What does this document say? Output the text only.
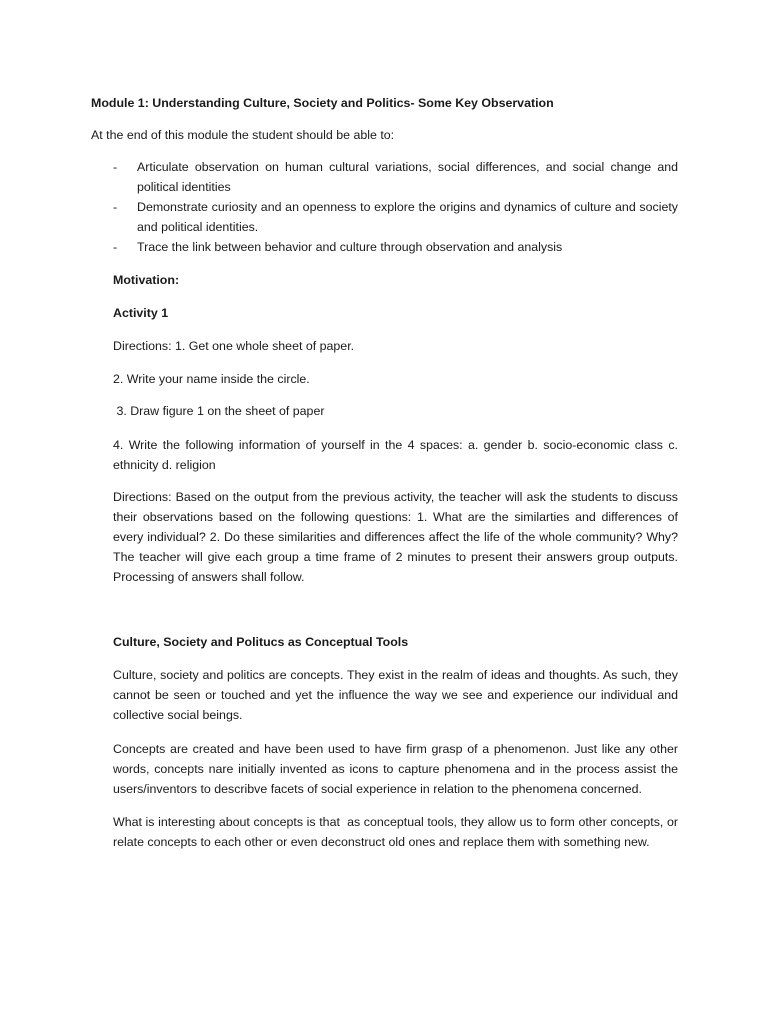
Module 1: Understanding Culture, Society and Politics- Some Key Observation

At the end of this module the student should be able to:

- Articulate observation on human cultural variations, social differences, and social change and political identities
- Demonstrate curiosity and an openness to explore the origins and dynamics of culture and society and political identities.
- Trace the link between behavior and culture through observation and analysis

Motivation:

Activity 1

Directions: 1. Get one whole sheet of paper.

2. Write your name inside the circle.

3. Draw figure 1 on the sheet of paper

4. Write the following information of yourself in the 4 spaces: a. gender b. socio-economic class c. ethnicity d. religion

Directions: Based on the output from the previous activity, the teacher will ask the students to discuss their observations based on the following questions: 1. What are the similarties and differences of every individual? 2. Do these similarities and differences affect the life of the whole community? Why? The teacher will give each group a time frame of 2 minutes to present their answers group outputs. Processing of answers shall follow.

Culture, Society and Politucs as Conceptual Tools

Culture, society and politics are concepts. They exist in the realm of ideas and thoughts. As such, they cannot be seen or touched and yet the influence the way we see and experience our individual and collective social beings.

Concepts are created and have been used to have firm grasp of a phenomenon. Just like any other words, concepts nare initially invented as icons to capture phenomena and in the process assist the users/inventors to describve facets of social experience in relation to the phenomena concerned.

What is interesting about concepts is that  as conceptual tools, they allow us to form other concepts, or relate concepts to each other or even deconstruct old ones and replace them with something new.
